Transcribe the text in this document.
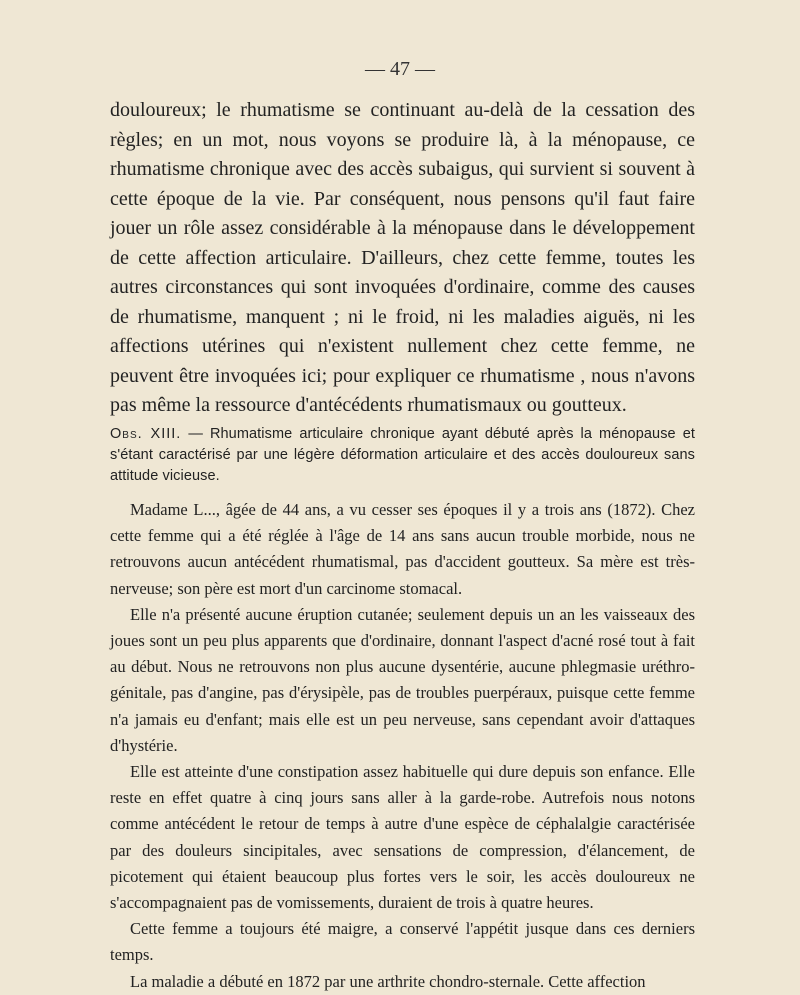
— 47 —

douloureux; le rhumatisme se continuant au-delà de la cessation des règles; en un mot, nous voyons se produire là, à la ménopause, ce rhumatisme chronique avec des accès subaigus, qui survient si souvent à cette époque de la vie. Par conséquent, nous pensons qu'il faut faire jouer un rôle assez considérable à la ménopause dans le développement de cette affection articulaire. D'ailleurs, chez cette femme, toutes les autres circonstances qui sont invoquées d'ordinaire, comme des causes de rhumatisme, manquent ; ni le froid, ni les maladies aiguës, ni les affections utérines qui n'existent nullement chez cette femme, ne peuvent être invoquées ici; pour expliquer ce rhumatisme , nous n'avons pas même la ressource d'antécédents rhumatismaux ou goutteux.

Obs. XIII. — Rhumatisme articulaire chronique ayant débuté après la ménopause et s'étant caractérisé par une légère déformation articulaire et des accès douloureux sans attitude vicieuse.

Madame L..., âgée de 44 ans, a vu cesser ses époques il y a trois ans (1872). Chez cette femme qui a été réglée à l'âge de 14 ans sans aucun trouble morbide, nous ne retrouvons aucun antécédent rhumatismal, pas d'accident goutteux. Sa mère est très-nerveuse; son père est mort d'un carcinome stomacal.

Elle n'a présenté aucune éruption cutanée; seulement depuis un an les vaisseaux des joues sont un peu plus apparents que d'ordinaire, donnant l'aspect d'acné rosé tout à fait au début. Nous ne retrouvons non plus aucune dysentérie, aucune phlegmasie uréthro-génitale, pas d'angine, pas d'érysipèle, pas de troubles puerpéraux, puisque cette femme n'a jamais eu d'enfant; mais elle est un peu nerveuse, sans cependant avoir d'attaques d'hystérie.

Elle est atteinte d'une constipation assez habituelle qui dure depuis son enfance. Elle reste en effet quatre à cinq jours sans aller à la garde-robe. Autrefois nous notons comme antécédent le retour de temps à autre d'une espèce de céphalalgie caractérisée par des douleurs sincipitales, avec sensations de compression, d'élancement, de picotement qui étaient beaucoup plus fortes vers le soir, les accès douloureux ne s'accompagnaient pas de vomissements, duraient de trois à quatre heures.

Cette femme a toujours été maigre, a conservé l'appétit jusque dans ces derniers temps.

La maladie a débuté en 1872 par une arthrite chondro-sternale. Cette affection
